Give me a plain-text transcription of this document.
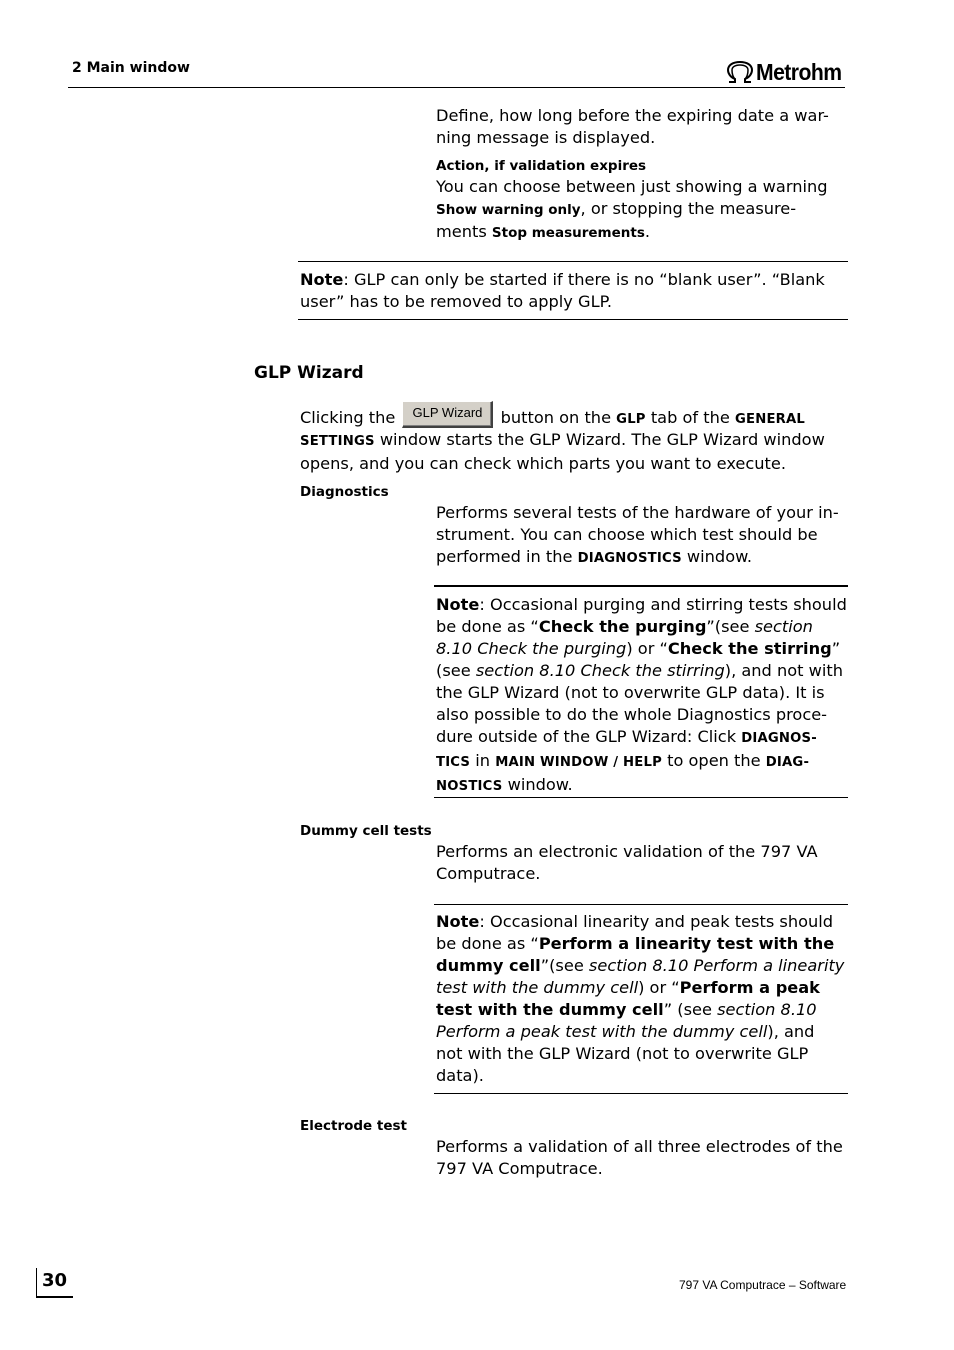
2 Main window	Metrohm
Define, how long before the expiring date a war-
ning message is displayed.
Action, if validation expires
You can choose between just showing a warning
Show warning only, or stopping the measure-
ments Stop measurements.
Note: GLP can only be started if there is no “blank user”. “Blank
user” has to be removed to apply GLP.
GLP Wizard
Clicking the GLP Wizard button on the GLP tab of the GENERAL
SETTINGS window starts the GLP Wizard. The GLP Wizard window
opens, and you can check which parts you want to execute.
Diagnostics
Performs several tests of the hardware of your in-
strument. You can choose which test should be
performed in the DIAGNOSTICS window.
Note: Occasional purging and stirring tests should
be done as “Check the purging”(see section
8.10 Check the purging) or “Check the stirring”
(see section 8.10 Check the stirring), and not with
the GLP Wizard (not to overwrite GLP data). It is
also possible to do the whole Diagnostics proce-
dure outside of the GLP Wizard: Click DIAGNOS-
TICS in MAIN WINDOW / HELP to open the DIAG-
NOSTICS window.
Dummy cell tests
Performs an electronic validation of the 797 VA
Computrace.
Note: Occasional linearity and peak tests should
be done as “Perform a linearity test with the
dummy cell”(see section 8.10 Perform a linearity
test with the dummy cell) or “Perform a peak
test with the dummy cell” (see section 8.10
Perform a peak test with the dummy cell), and
not with the GLP Wizard (not to overwrite GLP
data).
Electrode test
Performs a validation of all three electrodes of the
797 VA Computrace.
30	797 VA Computrace – Software
